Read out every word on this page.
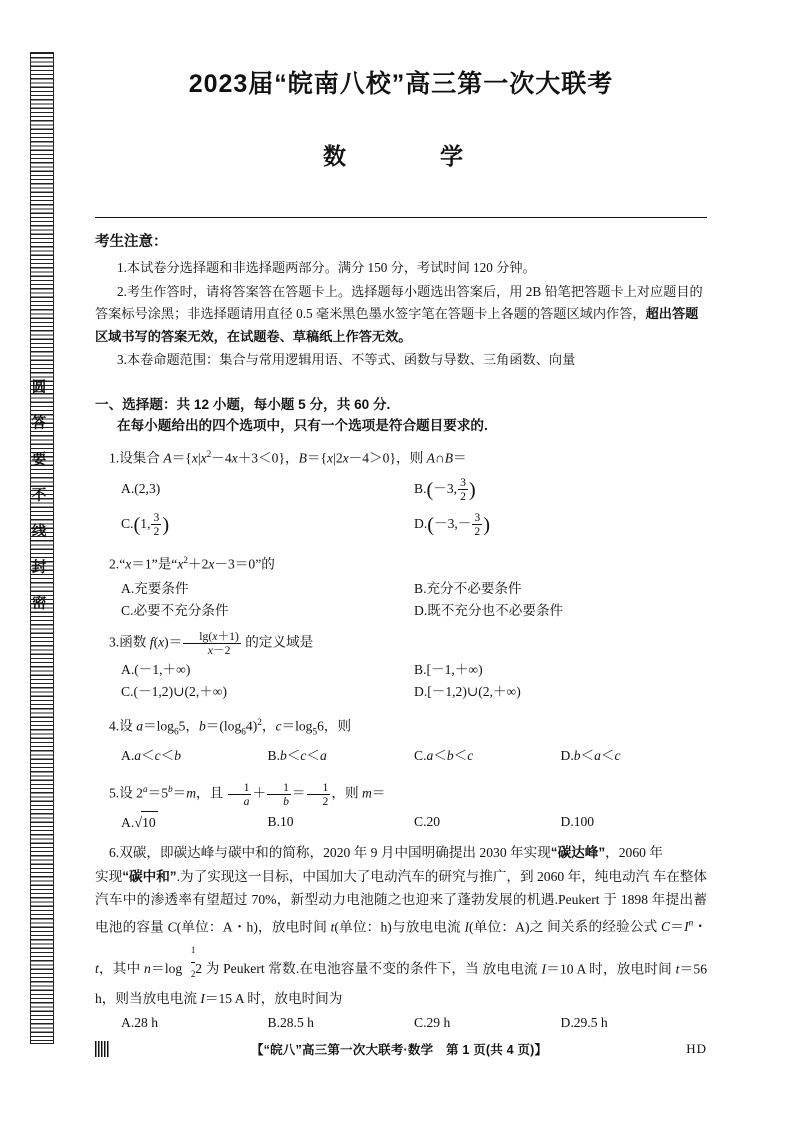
圆
答
要
不
线
封
密
2023届“皖南八校”高三第一次大联考
数　　学
考生注意：
1.本试卷分选择题和非选择题两部分。满分 150 分，考试时间 120 分钟。
2.考生作答时，请将答案答在答题卡上。选择题每小题选出答案后，用 2B 铅笔把答题卡上对应题目的答案标号涂黑；非选择题请用直径 0.5 毫米黑色墨水签字笔在答题卡上各题的答题区域内作答，超出答题区域书写的答案无效，在试题卷、草稿纸上作答无效。
3.本卷命题范围：集合与常用逻辑用语、不等式、函数与导数、三角函数、向量
一、选择题：共 12 小题，每小题 5 分，共 60 分.
在每小题给出的四个选项中，只有一个选项是符合题目要求的.
1.设集合 $A=\{x|x^2-4x+3<0\}$，B＝{x|2x－4＞0}，则 A∩B＝
A.(2,3)	B.(－3, $\frac{3}{2}$ )
C.(1, $\frac{3}{2}$ )	$D.(-3,- \frac{3}{2}$ )
2.“x＝1”是“$x^2+2x-3=0$”的
A.充要条件	B.充分不必要条件
C.必要不充分条件	D.既不充分也不必要条件
3.函数 $f(x)= \frac{\lg(x+1)}{x-2}$ 的定义域是
A.(－1,＋∞)	B.[－1,＋∞)
C.(－1,2)∪(2,＋∞)	D.[－1,2)∪(2,＋∞)
4.设 $a=\log_65$，$b=(\log_64)^2$，$c=\log_56$，则
A.a＜c＜b	B.b＜c＜a	C.a＜b＜c	D.b＜a＜c
5.设 $2^a=5^b=m$，且 $\frac{1}{a} + \frac{1}{b} = \frac{1}{2}$ ，则 m＝
A.√10	B.10	C.20	D.100
6.双碳，即碳达峰与碳中和的简称，2020 年 9 月中国明确提出 2030 年实现“碳达峰”，2060 年
实现“碳中和”.为了实现这一目标，中国加大了电动汽车的研究与推广，到 2060 年，纯电动汽 车在整体汽车中的渗透率有望超过 70%，新型动力电池随之也迎来了蓬勃发展的机遇.Peukert 于 1898 年提出蓄电池的容量 C(单位：A・h)，放电时间 t(单位：h)与放电电流 I(单位：A)之 间关系的经验公式 $C=I^n$・t，其中 n＝log　 $\frac{1}{2} 2$ 为 Peukert 常数.在电池容量不变的条件下，当 放电电流 I＝10 A 时，放电时间 t＝56 h，则当放电电流 I＝15 A 时，放电时间为
A.28 h	B.28.5 h	C.29 h	D.29.5 h
【“皖八”高三第一次大联考·数学　第 1 页(共 4 页)】	HD
